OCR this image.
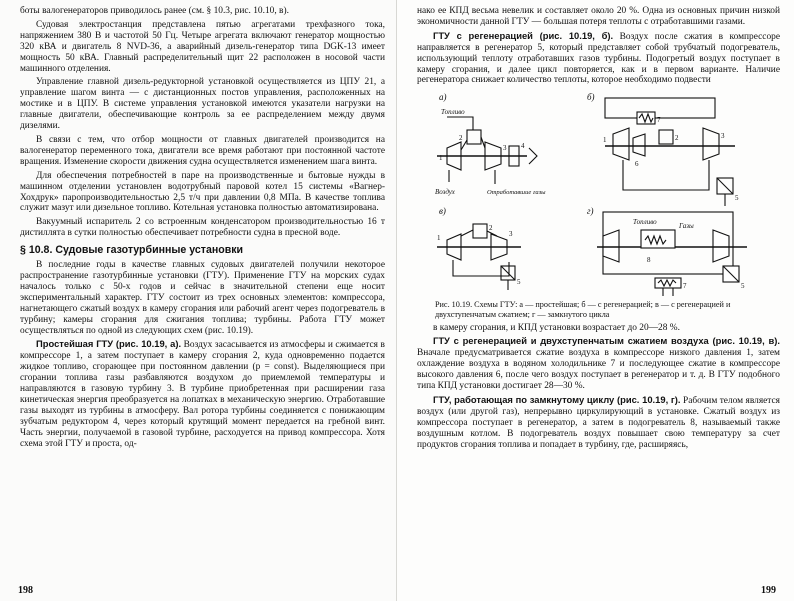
боты валогенераторов приводилось ранее (см. § 10.3, рис. 10.10, в).

Судовая электростанция представлена пятью агрегатами трехфазного тока, напряжением 380 В и частотой 50 Гц. Четыре агрегата включают генератор мощностью 320 кВА и двигатель 8 NVD-36, а аварийный дизель-генератор типа DGK-13 имеет мощность 50 кВА. Главный распределительный щит 22 расположен в носовой части машинного отделения.

Управление главной дизель-редукторной установкой осуществляется из ЦПУ 21, а управление шагом винта — с дистанционных постов управления, расположенных на мостике и в ЦПУ. В системе управления установкой имеются указатели нагрузки на главные двигатели, обеспечивающие контроль за ее распределением между двумя дизелями.

В связи с тем, что отбор мощности от главных двигателей производится на валогенератор переменного тока, двигатели все время работают при постоянной частоте вращения. Изменение скорости движения судна осуществляется изменением шага винта.

Для обеспечения потребностей в паре на производственные и бытовые нужды в машинном отделении установлен водотрубный паровой котел 15 системы «Вагнер-Хохдрук» паропроизводительностью 2,5 т/ч при давлении 0,8 МПа. В качестве топлива служит мазут или дизельное топливо. Котельная установка полностью автоматизирована.

Вакуумный испаритель 2 со встроенным конденсатором производительностью 16 т дистиллята в сутки полностью обеспечивает потребности судна в пресной воде.

§ 10.8. Судовые газотурбинные установки

В последние годы в качестве главных судовых двигателей получили некоторое распространение газотурбинные установки (ГТУ). Применение ГТУ на морских судах началось только с 50-х годов и сейчас в значительной степени еще носит экспериментальный характер. ГТУ состоит из трех основных элементов: компрессора, нагнетающего сжатый воздух в камеру сгорания или рабочий агент через подогреватель в турбину; камеры сгорания для сжигания топлива; турбины. Работа ГТУ может осуществляться по одной из следующих схем (рис. 10.19).

Простейшая ГТУ (рис. 10.19, а). Воздух засасывается из атмосферы и сжимается в компрессоре 1, а затем поступает в камеру сгорания 2, куда одновременно подается жидкое топливо, сгорающее при постоянном давлении (p = const). Выделяющиеся при сгорании топлива газы разбавляются воздухом до приемлемой температуры и направляются в газовую турбину 3. В турбине приобретенная при расширении газа кинетическая энергия преобразуется на лопатках в механическую энергию. Отработавшие газы выходят из турбины в атмосферу. Вал ротора турбины соединяется с понижающим зубчатым редуктором 4, через который крутящий момент передается на гребной винт. Часть энергии, получаемой в газовой турбине, расходуется на привод компрессора. Хотя схема этой ГТУ и проста, од-

198

нако ее КПД весьма невелик и составляет около 20 %. Одна из основных причин низкой экономичности данной ГТУ — большая потеря теплоты с отработавшими газами.

ГТУ с регенерацией (рис. 10.19, б). Воздух после сжатия в компрессоре направляется в регенератор 5, который представляет собой трубчатый подогреватель, использующий теплоту отработавших газов турбины. Подогретый воздух поступает в камеру сгорания, и далее цикл повторяется, как и в первом варианте. Наличие регенератора снижает количество теплоты, которое необходимо подвести

а)
Топливо
2
1
3 4
Воздух	Отработавшие газы
б)
7
1	3
2
6
5
в)
1
2
3
5
г)
Топливо	Газы
8
5
7

Рис. 10.19. Схемы ГТУ: а — простейшая; б — с регенерацией; в — с регенерацией и двухступенчатым сжатием; г — замкнутого цикла

в камеру сгорания, и КПД установки возрастает до 20—28 %.

ГТУ с регенерацией и двухступенчатым сжатием воздуха (рис. 10.19, в). Вначале предусматривается сжатие воздуха в компрессоре низкого давления 1, затем охлаждение воздуха в водяном холодильнике 7 и последующее сжатие в компрессоре высокого давления 6, после чего воздух поступает в регенератор и т. д. В ГТУ подобного типа КПД установки достигает 28—30 %.

ГТУ, работающая по замкнутому циклу (рис. 10.19, г). Рабочим телом является воздух (или другой газ), непрерывно циркулирующий в установке. Сжатый воздух из компрессора поступает в регенератор, а затем в подогреватель 8, называемый также воздушным котлом. В подогреватель воздух повышает свою температуру за счет продуктов сгорания топлива и попадает в турбину, где, расширяясь,

199
